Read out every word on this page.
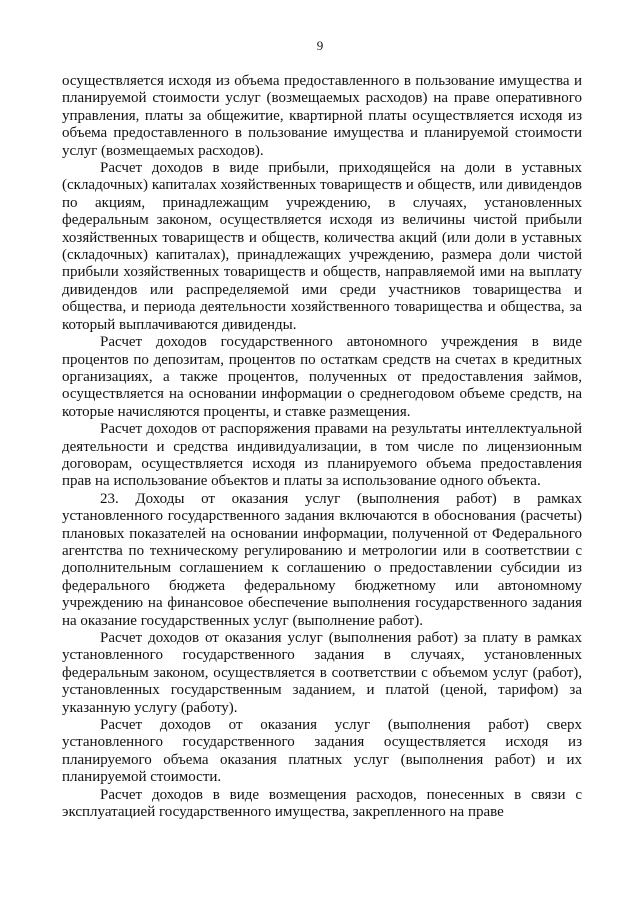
9

осуществляется исходя из объема предоставленного в пользование имущества и планируемой стоимости услуг (возмещаемых расходов) на праве оперативного управления, платы за общежитие, квартирной платы осуществляется исходя из объема предоставленного в пользование имущества и планируемой стоимости услуг (возмещаемых расходов).

Расчет доходов в виде прибыли, приходящейся на доли в уставных (складочных) капиталах хозяйственных товариществ и обществ, или дивидендов по акциям, принадлежащим учреждению, в случаях, установленных федеральным законом, осуществляется исходя из величины чистой прибыли хозяйственных товариществ и обществ, количества акций (или доли в уставных (складочных) капиталах), принадлежащих учреждению, размера доли чистой прибыли хозяйственных товариществ и обществ, направляемой ими на выплату дивидендов или распределяемой ими среди участников товарищества и общества, и периода деятельности хозяйственного товарищества и общества, за который выплачиваются дивиденды.

Расчет доходов государственного автономного учреждения в виде процентов по депозитам, процентов по остаткам средств на счетах в кредитных организациях, а также процентов, полученных от предоставления займов, осуществляется на основании информации о среднегодовом объеме средств, на которые начисляются проценты, и ставке размещения.

Расчет доходов от распоряжения правами на результаты интеллектуальной деятельности и средства индивидуализации, в том числе по лицензионным договорам, осуществляется исходя из планируемого объема предоставления прав на использование объектов и платы за использование одного объекта.

23. Доходы от оказания услуг (выполнения работ) в рамках установленного государственного задания включаются в обоснования (расчеты) плановых показателей на основании информации, полученной от Федерального агентства по техническому регулированию и метрологии или в соответствии с дополнительным соглашением к соглашению о предоставлении субсидии из федерального бюджета федеральному бюджетному или автономному учреждению на финансовое обеспечение выполнения государственного задания на оказание государственных услуг (выполнение работ).

Расчет доходов от оказания услуг (выполнения работ) за плату в рамках установленного государственного задания в случаях, установленных федеральным законом, осуществляется в соответствии с объемом услуг (работ), установленных государственным заданием, и платой (ценой, тарифом) за указанную услугу (работу).

Расчет доходов от оказания услуг (выполнения работ) сверх установленного государственного задания осуществляется исходя из планируемого объема оказания платных услуг (выполнения работ) и их планируемой стоимости.

Расчет доходов в виде возмещения расходов, понесенных в связи с эксплуатацией государственного имущества, закрепленного на праве
